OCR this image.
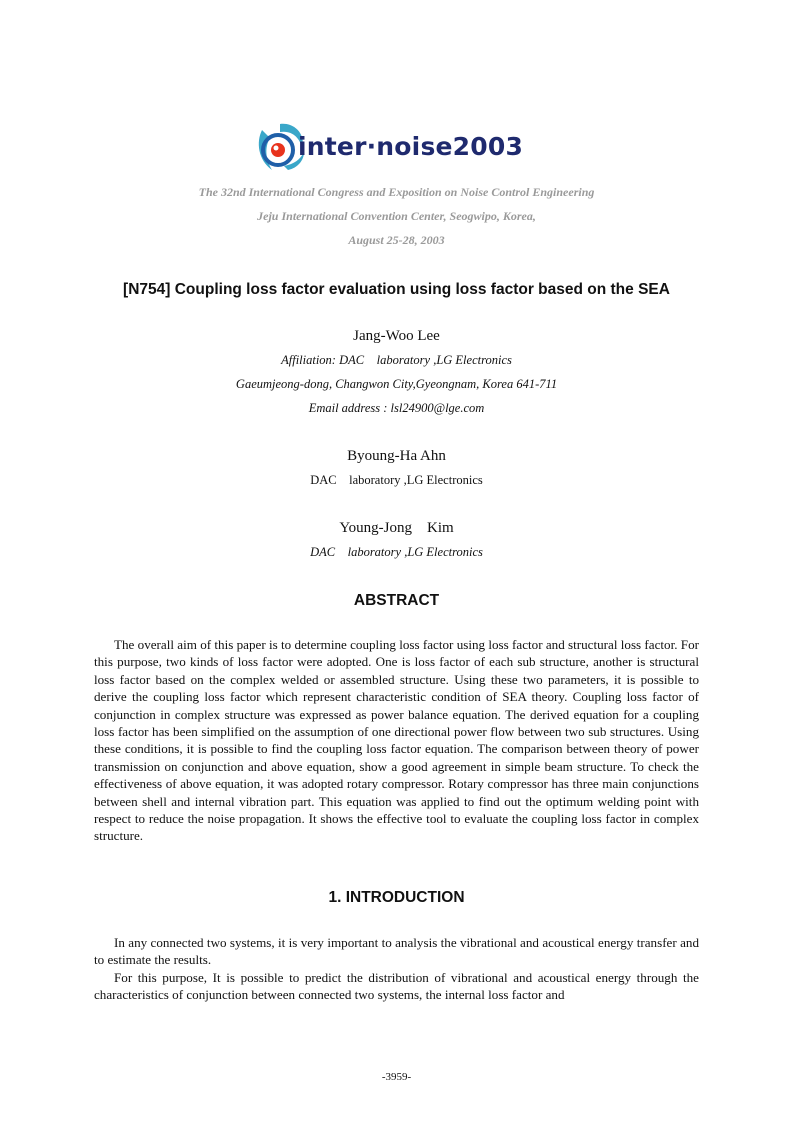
inter·noise2003
The 32nd International Congress and Exposition on Noise Control Engineering
Jeju International Convention Center, Seogwipo, Korea,
August 25-28, 2003
[N754] Coupling loss factor evaluation using loss factor based on the SEA
Jang-Woo Lee
Affiliation: DAC laboratory ,LG Electronics
Gaeumjeong-dong, Changwon City,Gyeongnam, Korea 641-711
Email address : lsl24900@lge.com
Byoung-Ha Ahn
DAC laboratory ,LG Electronics
Young-Jong Kim
DAC laboratory ,LG Electronics
ABSTRACT

The overall aim of this paper is to determine coupling loss factor using loss factor and structural loss factor. For this purpose, two kinds of loss factor were adopted. One is loss factor of each sub structure, another is structural loss factor based on the complex welded or assembled structure. Using these two parameters, it is possible to derive the coupling loss factor which represent characteristic condition of SEA theory. Coupling loss factor of conjunction in complex structure was expressed as power balance equation. The derived equation for a coupling loss factor has been simplified on the assumption of one directional power flow between two sub structures. Using these conditions, it is possible to find the coupling loss factor equation. The comparison between theory of power transmission on conjunction and above equation, show a good agreement in simple beam structure. To check the effectiveness of above equation, it was adopted rotary compressor. Rotary compressor has three main conjunctions between shell and internal vibration part. This equation was applied to find out the optimum welding point with respect to reduce the noise propagation. It shows the effective tool to evaluate the coupling loss factor in complex structure.

1. INTRODUCTION

In any connected two systems, it is very important to analysis the vibrational and acoustical energy transfer and to estimate the results.

For this purpose, It is possible to predict the distribution of vibrational and acoustical energy through the characteristics of conjunction between connected two systems, the internal loss factor and

-3959-
